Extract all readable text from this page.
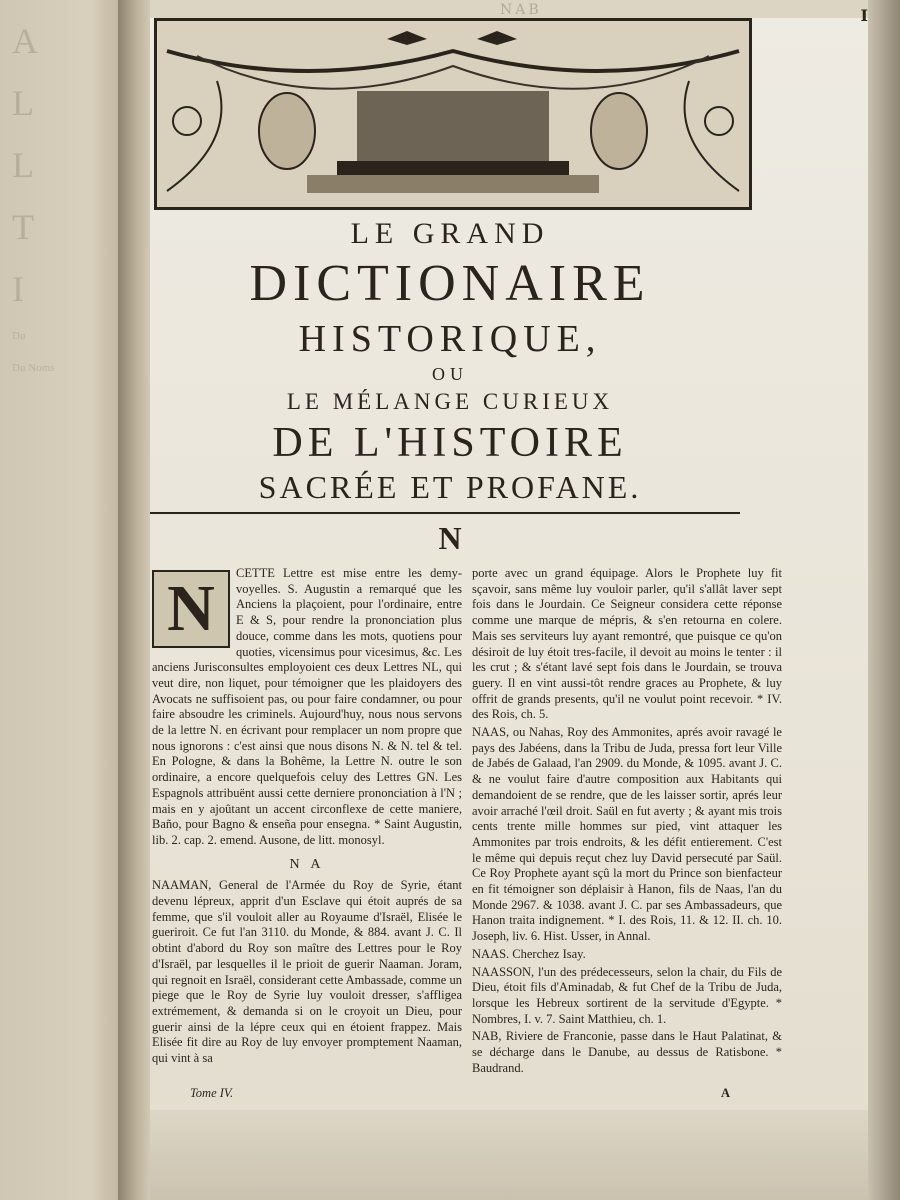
A
L
L
T
I
Du
Du Noms
NAB	I
LE GRAND
DICTIONAIRE
HISTORIQUE,
OU
LE MÉLANGE CURIEUX
DE L'HISTOIRE
SACRÉE ET PROFANE.
N
N	CETTE Lettre est mise entre les demy-voyelles. S. Augustin a remarqué que les Anciens la plaçoient, pour l'ordinaire, entre E & S, pour rendre la prononciation plus douce, comme dans les mots, quotiens pour quoties, vicensimus pour vicesimus, &c. Les anciens Jurisconsultes employoient ces deux Lettres NL, qui veut dire, non liquet, pour témoigner que les plaidoyers des Avocats ne suffisoient pas, ou pour faire condamner, ou pour faire absoudre les criminels. Aujourd'huy, nous nous servons de la lettre N. en écrivant pour remplacer un nom propre que nous ignorons : c'est ainsi que nous disons N. & N. tel & tel. En Pologne, & dans la Bohême, la Lettre N. outre le son ordinaire, a encore quelquefois celuy des Lettres GN. Les Espagnols attribuënt aussi cette derniere prononciation à l'N ; mais en y ajoûtant un accent circonflexe de cette maniere, Baño, pour Bagno & enseña pour ensegna. * Saint Augustin, lib. 2. cap. 2. emend. Ausone, de litt. monosyl.

N A

NAAMAN, General de l'Armée du Roy de Syrie, étant devenu lépreux, apprit d'un Esclave qui étoit auprés de sa femme, que s'il vouloit aller au Royaume d'Israël, Elisée le gueriroit. Ce fut l'an 3110. du Monde, & 884. avant J. C. Il obtint d'abord du Roy son maître des Lettres pour le Roy d'Israël, par lesquelles il le prioit de guerir Naaman. Joram, qui regnoit en Israël, considerant cette Ambassade, comme un piege que le Roy de Syrie luy vouloit dresser, s'affligea extrémement, & demanda si on le croyoit un Dieu, pour guerir ainsi de la lépre ceux qui en étoient frappez. Mais Elisée fit dire au Roy de luy envoyer promptement Naaman, qui vint à sa

porte avec un grand équipage. Alors le Prophete luy fit sçavoir, sans même luy vouloir parler, qu'il s'allât laver sept fois dans le Jourdain. Ce Seigneur considera cette réponse comme une marque de mépris, & s'en retourna en colere. Mais ses serviteurs luy ayant remontré, que puisque ce qu'on désiroit de luy étoit tres-facile, il devoit au moins le tenter : il les crut ; & s'étant lavé sept fois dans le Jourdain, se trouva guery. Il en vint aussi-tôt rendre graces au Prophete, & luy offrit de grands presents, qu'il ne voulut point recevoir. * IV. des Rois, ch. 5.

NAAS, ou Nahas, Roy des Ammonites, aprés avoir ravagé le pays des Jabéens, dans la Tribu de Juda, pressa fort leur Ville de Jabés de Galaad, l'an 2909. du Monde, & 1095. avant J. C. & ne voulut faire d'autre composition aux Habitants qui demandoient de se rendre, que de les laisser sortir, aprés leur avoir arraché l'œil droit. Saül en fut averty ; & ayant mis trois cents trente mille hommes sur pied, vint attaquer les Ammonites par trois endroits, & les défit entierement. C'est le même qui depuis reçut chez luy David persecuté par Saül. Ce Roy Prophete ayant sçû la mort du Prince son bienfacteur en fit témoigner son déplaisir à Hanon, fils de Naas, l'an du Monde 2967. & 1038. avant J. C. par ses Ambassadeurs, que Hanon traita indignement. * I. des Rois, 11. & 12. II. ch. 10. Joseph, liv. 6. Hist. Usser, in Annal.

NAAS. Cherchez Isay.

NAASSON, l'un des prédecesseurs, selon la chair, du Fils de Dieu, étoit fils d'Aminadab, & fut Chef de la Tribu de Juda, lorsque les Hebreux sortirent de la servitude d'Egypte. * Nombres, I. v. 7. Saint Matthieu, ch. 1.

NAB, Riviere de Franconie, passe dans le Haut Palatinat, & se décharge dans le Danube, au dessus de Ratisbone. * Baudrand.

Tome IV.	A
